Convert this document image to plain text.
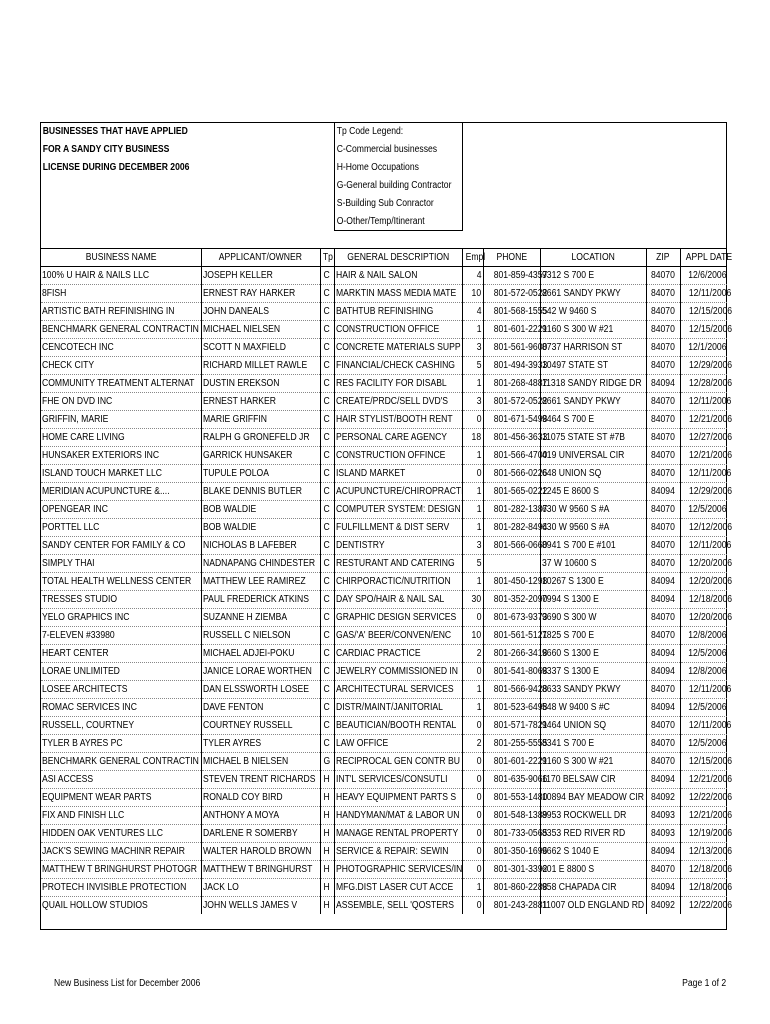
BUSINESSES THAT HAVE APPLIED
FOR A SANDY CITY BUSINESS
LICENSE DURING DECEMBER 2006
Tp Code Legend:
C-Commercial businesses
H-Home Occupations
G-General building Contractor
S-Building Sub Conractor
O-Other/Temp/Itinerant
BUSINESS NAME	APPLICANT/OWNER	Tp	GENERAL DESCRIPTION	Empl	PHONE	LOCATION	ZIP	APPL DATE
100% U HAIR & NAILS LLC	JOSEPH KELLER	C	HAIR & NAIL SALON	4	801-859-4357	9312 S 700 E	84070	12/6/2006
8FISH	ERNEST RAY HARKER	C	MARKTIN MASS MEDIA MATE	10	801-572-0522	8661 SANDY PKWY	84070	12/11/2006
ARTISTIC BATH REFINISHING IN	JOHN DANEALS	C	BATHTUB REFINISHING	4	801-568-1555	542 W 9460 S	84070	12/15/2006
BENCHMARK GENERAL CONTRACTIN	MICHAEL NIELSEN	C	CONSTRUCTION OFFICE	1	801-601-2221	9160 S 300 W #21	84070	12/15/2006
CENCOTECH INC	SCOTT N MAXFIELD	C	CONCRETE MATERIALS SUPP	3	801-561-9600	8737 HARRISON ST	84070	12/1/2006
CHECK CITY	RICHARD MILLET RAWLE	C	FINANCIAL/CHECK CASHING	5	801-494-3933	10497 STATE ST	84070	12/29/2006
COMMUNITY TREATMENT ALTERNAT	DUSTIN EREKSON	C	RES FACILITY FOR DISABL	1	801-268-4887	11318 SANDY RIDGE DR	84094	12/28/2006
FHE ON DVD INC	ERNEST HARKER	C	CREATE/PRDC/SELL DVD'S	3	801-572-0522	8661 SANDY PKWY	84070	12/11/2006
GRIFFIN, MARIE	MARIE GRIFFIN	C	HAIR STYLIST/BOOTH RENT	0	801-671-5498	9464 S 700 E	84070	12/21/2006
HOME CARE LIVING	RALPH G GRONEFELD JR	C	PERSONAL CARE AGENCY	18	801-456-3633	11075 STATE ST #7B	84070	12/27/2006
HUNSAKER EXTERIORS INC	GARRICK HUNSAKER	C	CONSTRUCTION OFFINCE	1	801-566-4700	419 UNIVERSAL CIR	84070	12/21/2006
ISLAND TOUCH MARKET LLC	TUPULE POLOA	C	ISLAND MARKET	0	801-566-0226	648 UNION SQ	84070	12/11/2006
MERIDIAN ACUPUNCTURE &....	BLAKE DENNIS BUTLER	C	ACUPUNCTURE/CHIROPRACTI	1	801-565-0222	1245 E 8600 S	84094	12/29/2006
OPENGEAR INC	BOB WALDIE	C	COMPUTER SYSTEM: DESIGN	1	801-282-1387	630 W 9560 S #A	84070	12/5/2006
PORTTEL LLC	BOB WALDIE	C	FULFILLMENT & DIST SERV	1	801-282-8494	630 W 9560 S #A	84070	12/12/2006
SANDY CENTER FOR FAMILY & CO	NICHOLAS B LAFEBER	C	DENTISTRY	3	801-566-0660	8941 S 700 E #101	84070	12/11/2006
SIMPLY THAI	NADNAPANG CHINDESTER	C	RESTURANT AND CATERING	5		37 W 10600 S	84070	12/20/2006
TOTAL HEALTH WELLNESS CENTER	MATTHEW LEE RAMIREZ	C	CHIRPORACTIC/NUTRITION	1	801-450-1298	10267 S 1300 E	84094	12/20/2006
TRESSES STUDIO	PAUL FREDERICK ATKINS	C	DAY SPO/HAIR & NAIL SAL	30	801-352-2090	7994 S 1300 E	84094	12/18/2006
YELO GRAPHICS INC	SUZANNE H ZIEMBA	C	GRAPHIC DESIGN SERVICES	0	801-673-9373	9690 S 300 W	84070	12/20/2006
7-ELEVEN #33980	RUSSELL C NIELSON	C	GAS/'A' BEER/CONVEN/ENC	10	801-561-5121	7825 S 700 E	84070	12/8/2006
HEART CENTER	MICHAEL ADJEI-POKU	C	CARDIAC PRACTICE	2	801-266-3418	9660 S 1300 E	84094	12/5/2006
LORAE UNLIMITED	JANICE LORAE WORTHEN	C	JEWELRY COMMISSIONED IN	0	801-541-8068	9337 S 1300 E	84094	12/8/2006
LOSEE ARCHITECTS	DAN ELSSWORTH LOSEE	C	ARCHITECTURAL SERVICES	1	801-566-9428	8633 SANDY PKWY	84070	12/11/2006
ROMAC SERVICES INC	DAVE FENTON	C	DISTR/MAINT/JANITORIAL	1	801-523-6498	548 W 9400 S #C	84094	12/5/2006
RUSSELL, COURTNEY	COURTNEY RUSSELL	C	BEAUTICIAN/BOOTH RENTAL	0	801-571-7821	9464 UNION SQ	84070	12/11/2006
TYLER B AYRES PC	TYLER AYRES	C	LAW OFFICE	2	801-255-5555	8341 S 700 E	84070	12/5/2006
BENCHMARK GENERAL CONTRACTIN	MICHAEL B NIELSEN	G	RECIPROCAL GEN CONTR BU	0	801-601-2221	9160 S 300 W #21	84070	12/15/2006
ASI ACCESS	STEVEN TRENT RICHARDS	H	INT'L SERVICES/CONSUTLI	0	801-635-9066	1170 BELSAW CIR	84094	12/21/2006
EQUIPMENT WEAR PARTS	RONALD COY BIRD	H	HEAVY EQUIPMENT PARTS S	0	801-553-1480	10894 BAY MEADOW CIR	84092	12/22/2006
FIX AND FINISH LLC	ANTHONY A MOYA	H	HANDYMAN/MAT & LABOR UN	0	801-548-1389	8953 ROCKWELL DR	84093	12/21/2006
HIDDEN OAK VENTURES LLC	DARLENE R SOMERBY	H	MANAGE RENTAL PROPERTY	0	801-733-0565	8353 RED RIVER RD	84093	12/19/2006
JACK'S SEWING MACHINR REPAIR	WALTER HAROLD BROWN	H	SERVICE & REPAIR: SEWIN	0	801-350-1696	9662 S 1040 E	84094	12/13/2006
MATTHEW T BRINGHURST PHOTOGR	MATTHEW T BRINGHURST	H	PHOTOGRAPHIC SERVICES/IN	0	801-301-3392	601 E 8800 S	84070	12/18/2006
PROTECH INVISIBLE PROTECTION	JACK LO	H	MFG.DIST LASER CUT ACCE	1	801-860-2288	958 CHAPADA CIR	84094	12/18/2006
QUAIL HOLLOW STUDIOS	JOHN WELLS JAMES V	H	ASSEMBLE, SELL 'QOSTERS	0	801-243-2881	11007 OLD ENGLAND RD	84092	12/22/2006
New Business List for December 2006	Page 1 of 2
